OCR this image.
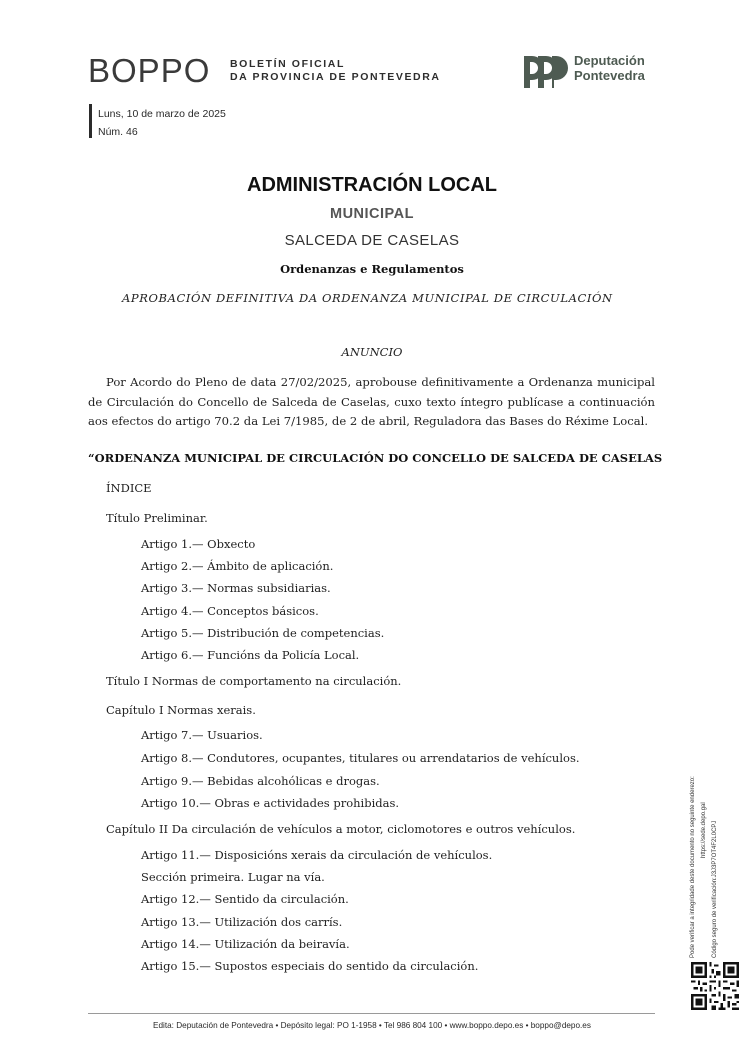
BOPPO BOLETÍN OFICIAL
DA PROVINCIA DE PONTEVEDRA
Deputación
Pontevedra
Luns, 10 de marzo de 2025
Núm. 46
ADMINISTRACIÓN LOCAL
MUNICIPAL
SALCEDA DE CASELAS
Ordenanzas e Regulamentos
APROBACIÓN DEFINITIVA DA ORDENANZA MUNICIPAL DE CIRCULACIÓN
ANUNCIO
Por Acordo do Pleno de data 27/02/2025, aprobouse definitivamente a Ordenanza municipal de Circulación do Concello de Salceda de Caselas, cuxo texto íntegro publícase a continuación aos efectos do artigo 70.2 da Lei 7/1985, de 2 de abril, Reguladora das Bases do Réxime Local.
“ORDENANZA MUNICIPAL DE CIRCULACIÓN DO CONCELLO DE SALCEDA DE CASELAS
ÍNDICE
Título Preliminar.
Artigo 1.— Obxecto
Artigo 2.— Ámbito de aplicación.
Artigo 3.— Normas subsidiarias.
Artigo 4.— Conceptos básicos.
Artigo 5.— Distribución de competencias.
Artigo 6.— Funcións da Policía Local.
Título I Normas de comportamento na circulación.
Capítulo I Normas xerais.
Artigo 7.— Usuarios.
Artigo 8.— Condutores, ocupantes, titulares ou arrendatarios de vehículos.
Artigo 9.— Bebidas alcohólicas e drogas.
Artigo 10.— Obras e actividades prohibidas.
Capítulo II Da circulación de vehículos a motor, ciclomotores e outros vehículos.
Artigo 11.— Disposicións xerais da circulación de vehículos.
Sección primeira. Lugar na vía.
Artigo 12.— Sentido da circulación.
Artigo 13.— Utilización dos carrís.
Artigo 14.— Utilización da beiravía.
Artigo 15.— Supostos especiais do sentido da circulación.
Pode verificar a integridade deste documento no seguinte enderezo: https://sede.depo.gal Código seguro de verificación:J3J3P7OT4F2L0CPJ
Edita: Deputación de Pontevedra • Depósito legal: PO 1-1958 • Tel 986 804 100 • www.boppo.depo.es • boppo@depo.es
